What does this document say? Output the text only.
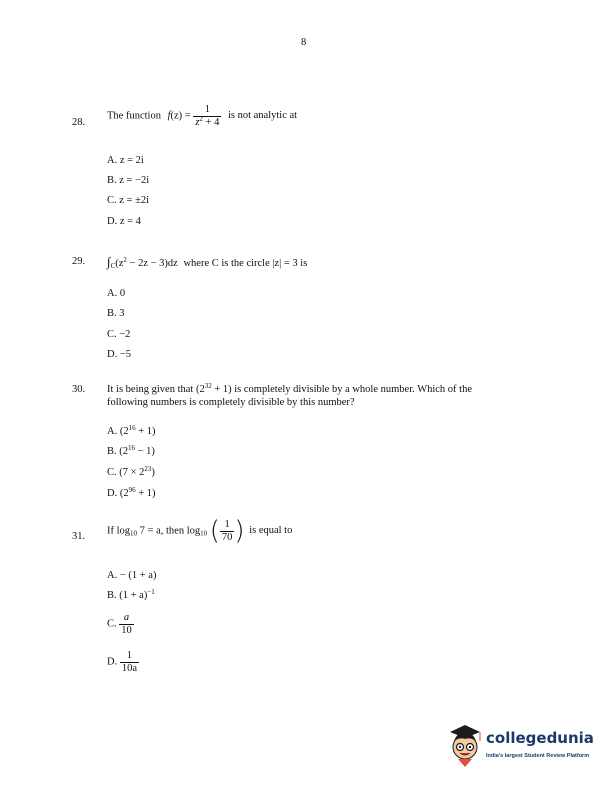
8
28.
The function $f(z) = \frac{1}{z^2 + 4}$ is not analytic at
A. z = 2i
B. z = −2i
C. z = ±2i
D. z = 4
29. $\int_C(z^2 - 2z - 3)dz$ where C is the circle |z| = 3 is
A. 0
B. 3
C. −2
D. −5
30. It is being given that $(2^{32} + 1)$ is completely divisible by a whole number. Which of the
following numbers is completely divisible by this number?
A. $(2^{16} + 1)$
B. $(2^{16} - 1)$
C. $(7 \times 2^{23})$
D. $(2^{96} + 1)$
31.
If $\log_{10} 7 = a$, then $\log_{10}$ ( $\frac{1}{70}$ ) is equal to
A. − (1 + a)
B. $(1 + a)^{-1}$
C. $\frac{a}{10}$
D. $\frac{1}{10a}$
collegedunia
India's largest Student Review Platform
